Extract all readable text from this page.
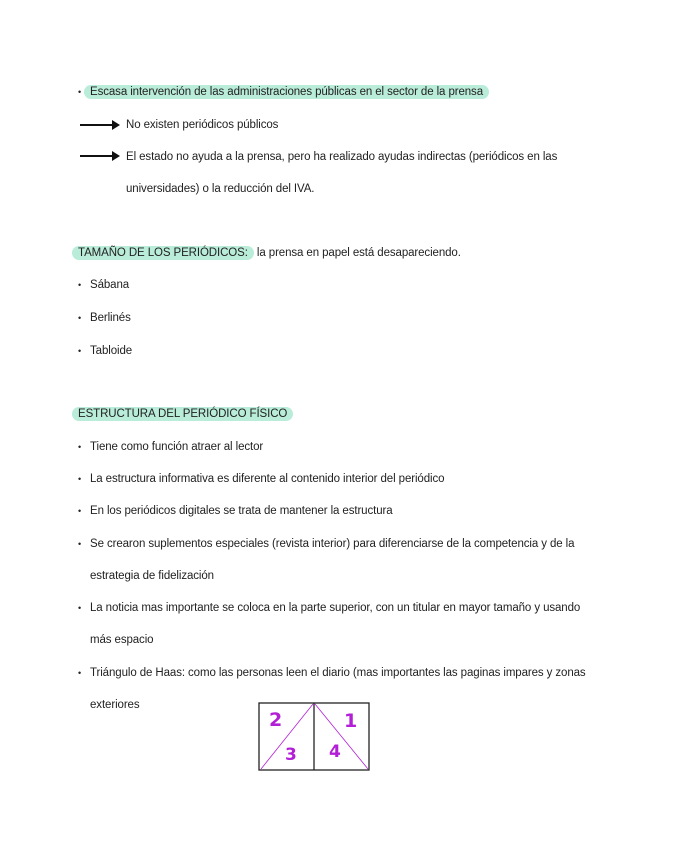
• Escasa intervención de las administraciones públicas en el sector de la prensa
No existen periódicos públicos
El estado no ayuda a la prensa, pero ha realizado ayudas indirectas (periódicos en las
universidades) o la reducción del IVA.
TAMAÑO DE LOS PERIÓDICOS: la prensa en papel está desapareciendo.
• Sábana
• Berlinés
• Tabloide
ESTRUCTURA DEL PERIÓDICO FÍSICO
• Tiene como función atraer al lector
• La estructura informativa es diferente al contenido interior del periódico
• En los periódicos digitales se trata de mantener la estructura
• Se crearon suplementos especiales (revista interior) para diferenciarse de la competencia y de la
estrategia de fidelización
• La noticia mas importante se coloca en la parte superior, con un titular en mayor tamaño y usando
más espacio
• Triángulo de Haas: como las personas leen el diario (mas importantes las paginas impares y zonas
exteriores
2	1
3 4
